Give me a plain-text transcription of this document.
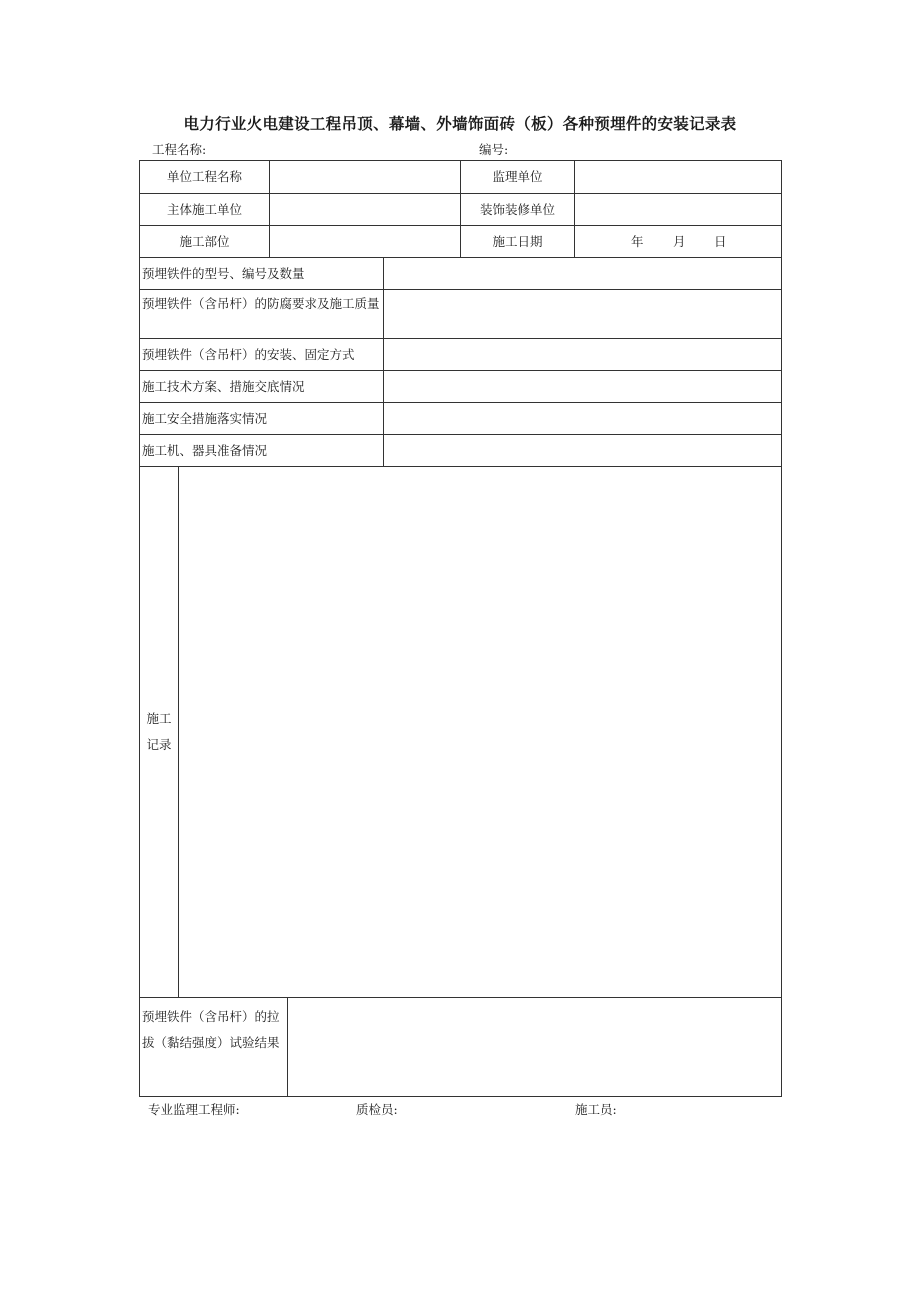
电力行业火电建设工程吊顶、幕墙、外墙饰面砖（板）各种预埋件的安装记录表
工程名称:	编号:
单位工程名称	监理单位
主体施工单位	装饰装修单位
施工部位	施工日期	年 月 日
预埋铁件的型号、编号及数量
预埋铁件（含吊杆）的防腐要求及施工质量
预埋铁件（含吊杆）的安装、固定方式
施工技术方案、措施交底情况
施工安全措施落实情况
施工机、器具准备情况
施工
记录
预埋铁件（含吊杆）的拉
拔（黏结强度）试验结果
专业监理工程师:	质检员:	施工员:
